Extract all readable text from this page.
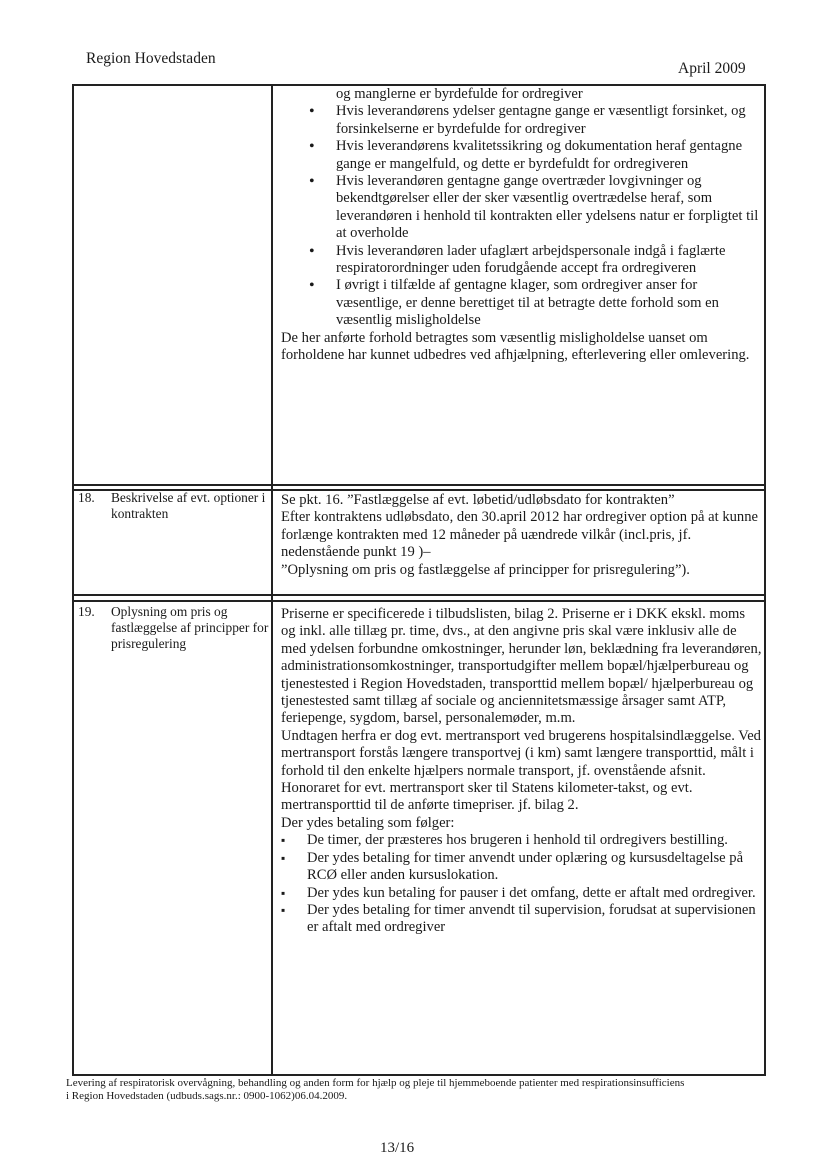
Region Hovedstaden
April 2009

og manglerne er byrdefulde for ordregiver

• Hvis leverandørens ydelser gentagne gange er væsentligt forsinket, og forsinkelserne er byrdefulde for ordregiver
• Hvis leverandørens kvalitetssikring og dokumentation heraf gentagne gange er mangelfuld, og dette er byrdefuldt for ordregiveren
• Hvis leverandøren gentagne gange overtræder lovgivninger og bekendtgørelser eller der sker væsentlig overtrædelse heraf, som leverandøren i henhold til kontrakten eller ydelsens natur er forpligtet til at overholde
• Hvis leverandøren lader ufaglært arbejdspersonale indgå i faglærte respiratorordninger uden forudgående accept fra ordregiveren
• I øvrigt i tilfælde af gentagne klager, som ordregiver anser for væsentlige, er denne berettiget til at betragte dette forhold som en væsentlig misligholdelse

De her anførte forhold betragtes som væsentlig misligholdelse uanset om forholdene har kunnet udbedres ved afhjælpning, efterlevering eller omlevering.

18. Beskrivelse af evt. optioner i kontrakten

Se pkt. 16. ”Fastlæggelse af evt. løbetid/udløbsdato for kontrakten”

Efter kontraktens udløbsdato, den 30.april 2012 har ordregiver option på at kunne forlænge kontrakten med 12 måneder på uændrede vilkår (incl.pris, jf. nedenstående punkt 19 )–

”Oplysning om pris og fastlæggelse af principper for prisregulering”).

19. Oplysning om pris og fastlæggelse af principper for prisregulering

Priserne er specificerede i tilbudslisten, bilag 2. Priserne er i DKK ekskl. moms og inkl. alle tillæg pr. time, dvs., at den angivne pris skal være inklusiv alle de med ydelsen forbundne omkostninger, herunder løn, beklædning fra leverandøren, administrationsomkostninger, transportudgifter mellem bopæl/hjælperbureau og tjenestested i Region Hovedstaden, transporttid mellem bopæl/ hjælperbureau og tjenestested samt tillæg af sociale og anciennitetsmæssige årsager samt ATP, feriepenge, sygdom, barsel, personalemøder, m.m.

Undtagen herfra er dog evt. mertransport ved brugerens hospitalsindlæggelse. Ved mertransport forstås længere transportvej (i km) samt længere transporttid, målt i forhold til den enkelte hjælpers normale transport, jf. ovenstående afsnit. Honoraret for evt. mertransport sker til Statens kilometer-takst, og evt. mertransporttid til de anførte timepriser. jf. bilag 2.

Der ydes betaling som følger:

▪ De timer, der præsteres hos brugeren i henhold til ordregivers bestilling.
▪ Der ydes betaling for timer anvendt under oplæring og kursusdeltagelse på RCØ eller anden kursuslokation.
▪ Der ydes kun betaling for pauser i det omfang, dette er aftalt med ordregiver.
▪ Der ydes betaling for timer anvendt til supervision, forudsat at supervisionen er aftalt med ordregiver
Levering af respiratorisk overvågning, behandling og anden form for hjælp og pleje til hjemmeboende patienter med respirationsinsufficiens i Region Hovedstaden (udbuds.sags.nr.: 0900-1062)06.04.2009.
13/16
